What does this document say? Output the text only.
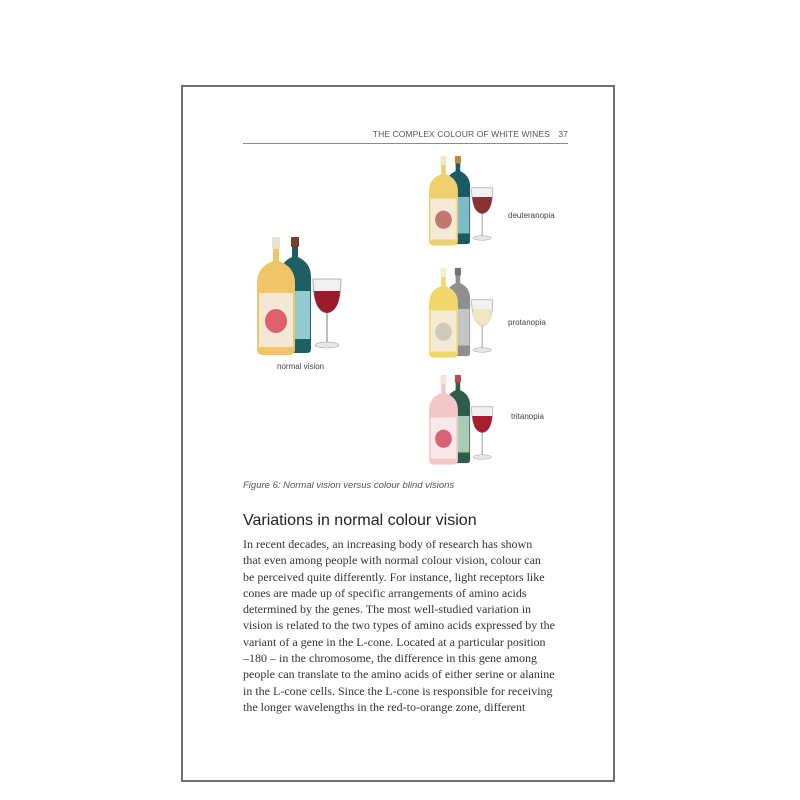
THE COMPLEX COLOUR OF WHITE WINES 37
normal vision
deuteranopia
protanopia
tritanopia
Figure 6: Normal vision versus colour blind visions
Variations in normal colour vision
In recent decades, an increasing body of research has shown
that even among people with normal colour vision, colour can
be perceived quite differently. For instance, light receptors like
cones are made up of specific arrangements of amino acids
determined by the genes. The most well-studied variation in
vision is related to the two types of amino acids expressed by the
variant of a gene in the L-cone. Located at a particular position
–180 – in the chromosome, the difference in this gene among
people can translate to the amino acids of either serine or alanine
in the L-cone cells. Since the L-cone is responsible for receiving
the longer wavelengths in the red-to-orange zone, different
